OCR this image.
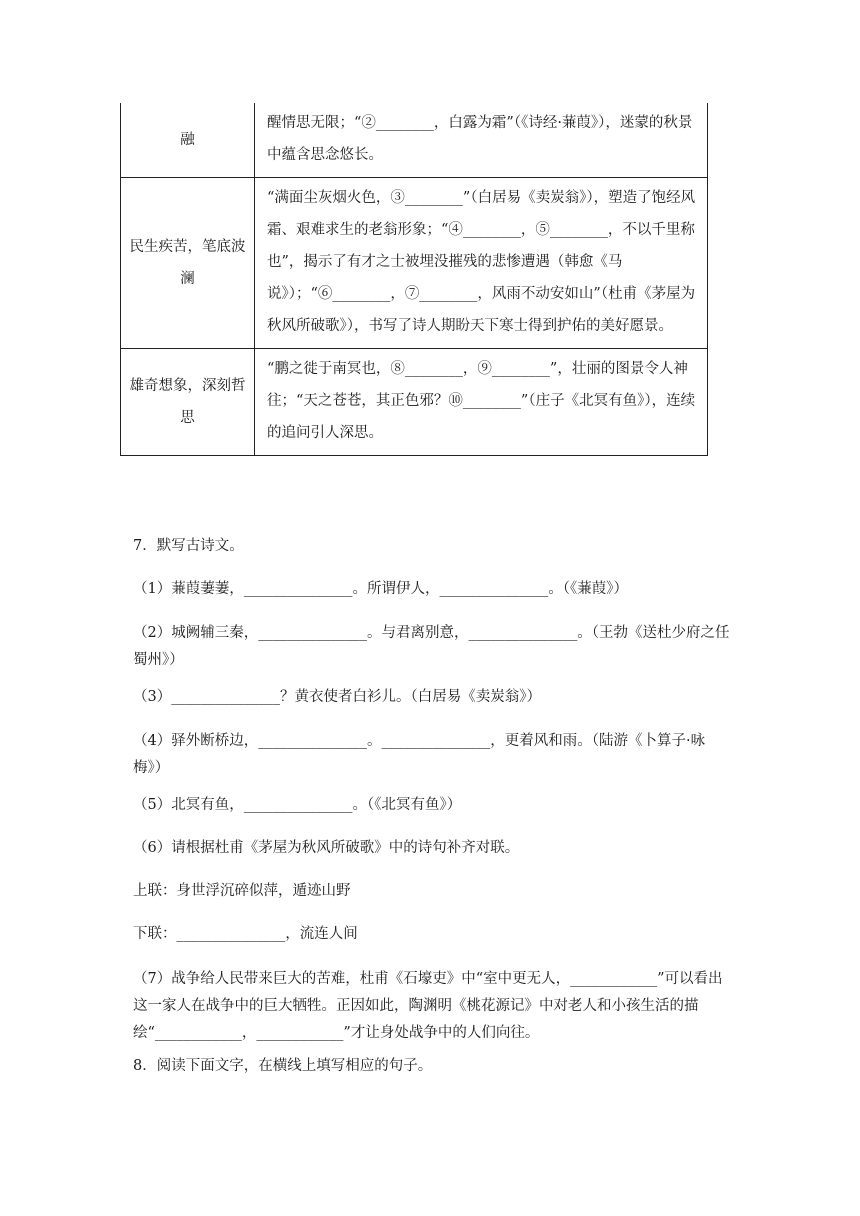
融	醒情思无限；“②________，白露为霜”（《诗经·蒹葭》），迷蒙的秋景中蕴含思念悠长。
民生疾苦，笔底波澜	“满面尘灰烟火色，③________”（白居易《卖炭翁》），塑造了饱经风霜、艰难求生的老翁形象；“④________，⑤________，不以千里称也”，揭示了有才之士被埋没摧残的悲惨遭遇（韩愈《马说》）；“⑥________，⑦________，风雨不动安如山”（杜甫《茅屋为秋风所破歌》），书写了诗人期盼天下寒士得到护佑的美好愿景。
雄奇想象，深刻哲思	“鹏之徙于南冥也，⑧________，⑨________”，壮丽的图景令人神往；“天之苍苍，其正色邪？⑩________”（庄子《北冥有鱼》），连续的追问引人深思。
7．默写古诗文。
（1）蒹葭萋萋，_______________。所谓伊人，_______________。（《蒹葭》）
（2）城阙辅三秦，_______________。与君离别意，_______________。（王勃《送杜少府之任蜀州》）
（3）_______________？黄衣使者白衫儿。（白居易《卖炭翁》）
（4）驿外断桥边，_______________。_______________，更着风和雨。（陆游《卜算子·咏梅》）
（5）北冥有鱼，_______________。（《北冥有鱼》）
（6）请根据杜甫《茅屋为秋风所破歌》中的诗句补齐对联。
上联：身世浮沉碎似萍，遁迹山野
下联：_______________，流连人间
（7）战争给人民带来巨大的苦难，杜甫《石壕吏》中“室中更无人，____________”可以看出这一家人在战争中的巨大牺牲。正因如此，陶渊明《桃花源记》中对老人和小孩生活的描绘“____________，____________”才让身处战争中的人们向往。
8．阅读下面文字，在横线上填写相应的句子。
